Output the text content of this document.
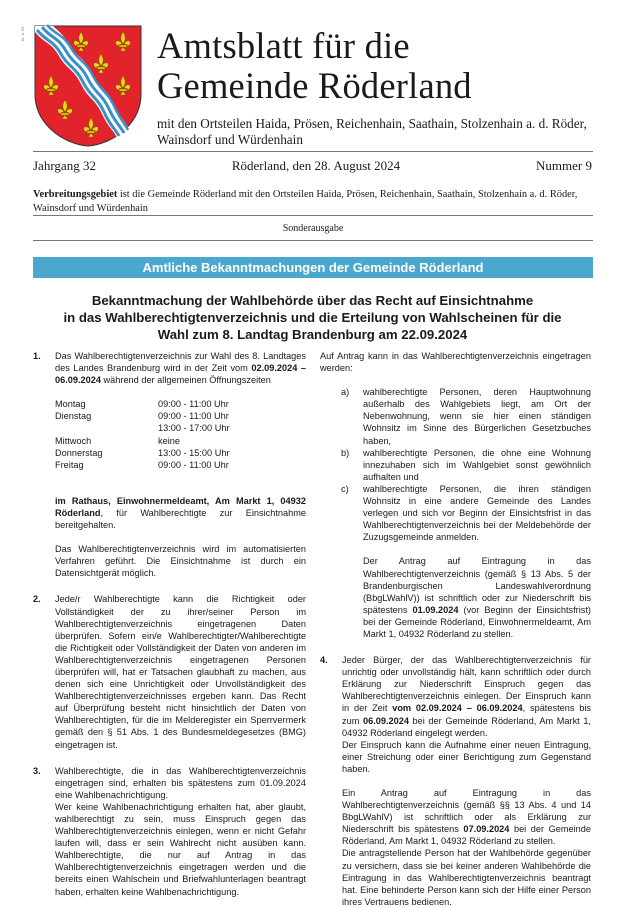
Hl. d. Rl.	Amtsblatt für die
Gemeinde Röderland
mit den Ortsteilen Haida, Prösen, Reichenhain, Saathain, Stolzenhain a. d. Röder, Wainsdorf und Würdenhain
Jahrgang 32	Röderland, den 28. August 2024	Nummer 9
Verbreitungsgebiet ist die Gemeinde Röderland mit den Ortsteilen Haida, Prösen, Reichenhain, Saathain, Stolzenhain a. d. Röder, Wainsdorf und Würdenhain
Sonderausgabe
Amtliche Bekanntmachungen der Gemeinde Röderland
Bekanntmachung der Wahlbehörde über das Recht auf Einsichtnahme
in das Wahlberechtigtenverzeichnis und die Erteilung von Wahlscheinen für die
Wahl zum 8. Landtag Brandenburg am 22.09.2024
1.	Das Wahlberechtigtenverzeichnis zur Wahl des 8. Landtages des Landes Brandenburg wird in der Zeit vom 02.09.2024 – 06.09.2024 während der allgemeinen Öffnungszeiten

Montag	09:00 - 11:00 Uhr
Dienstag	09:00 - 11:00 Uhr
13:00 - 17:00 Uhr
Mittwoch	keine
Donnerstag	13:00 - 15:00 Uhr
Freitag	09:00 - 11:00 Uhr

im Rathaus, Einwohnermeldeamt, Am Markt 1, 04932 Röderland, für Wahlberechtigte zur Einsichtnahme bereitgehalten.

Das Wahlberechtigtenverzeichnis wird im automatisierten Verfahren geführt. Die Einsichtnahme ist durch ein Datensichtgerät möglich.

2.	Jede/r Wahlberechtigte kann die Richtigkeit oder Vollständigkeit der zu ihrer/seiner Person im Wahlberechtigtenverzeichnis eingetragenen Daten überprüfen. Sofern ein/e Wahlberechtigter/Wahlberechtigte die Richtigkeit oder Vollständigkeit der Daten von anderen im Wahlberechtigtenverzeichnis eingetragenen Personen überprüfen will, hat er Tatsachen glaubhaft zu machen, aus denen sich eine Unrichtigkeit oder Unvollständigkeit des Wahlberechtigtenverzeichnisses ergeben kann. Das Recht auf Überprüfung besteht nicht hinsichtlich der Daten von Wahlberechtigten, für die im Melderegister ein Sperrvermerk gemäß den § 51 Abs. 1 des Bundesmeldegesetzes (BMG) eingetragen ist.

3.	Wahlberechtigte, die in das Wahlberechtigtenverzeichnis eingetragen sind, erhalten bis spätestens zum 01.09.2024 eine Wahlbenachrichtigung.

Wer keine Wahlbenachrichtigung erhalten hat, aber glaubt, wahlberechtigt zu sein, muss Einspruch gegen das Wahlberechtigtenverzeichnis einlegen, wenn er nicht Gefahr laufen will, dass er sein Wahlrecht nicht ausüben kann. Wahlberechtigte, die nur auf Antrag in das Wahlberechtigtenverzeichnis eingetragen werden und die bereits einen Wahlschein und Briefwahlunterlagen beantragt haben, erhalten keine Wahlbenachrichtigung.

Auf Antrag kann in das Wahlberechtigtenverzeichnis eingetragen werden:

a)	wahlberechtigte Personen, deren Hauptwohnung außerhalb des Wahlgebiets liegt, am Ort der Nebenwohnung, wenn sie hier einen ständigen Wohnsitz im Sinne des Bürgerlichen Gesetzbuches haben,
b)	wahlberechtigte Personen, die ohne eine Wohnung innezuhaben sich im Wahlgebiet sonst gewöhnlich aufhalten und
c)	wahlberechtigte Personen, die ihren ständigen Wohnsitz in eine andere Gemeinde des Landes verlegen und sich vor Beginn der Einsichtsfrist in das Wahlberechtigtenverzeichnis bei der Meldebehörde der Zuzugsgemeinde anmelden.

Der Antrag auf Eintragung in das Wahlberechtigtenverzeichnis (gemäß § 13 Abs. 5 der Brandenburgischen Landeswahlverordnung (BbgLWahlV)) ist schriftlich oder zur Niederschrift bis spätestens 01.09.2024 (vor Beginn der Einsichtsfrist) bei der Gemeinde Röderland, Einwohnermeldeamt, Am Markt 1, 04932 Röderland zu stellen.

4.	Jeder Bürger, der das Wahlberechtigtenverzeichnis für unrichtig oder unvollständig hält, kann schriftlich oder durch Erklärung zur Niederschrift Einspruch gegen das Wahlberechtigtenverzeichnis einlegen. Der Einspruch kann in der Zeit vom 02.09.2024 – 06.09.2024, spätestens bis zum 06.09.2024 bei der Gemeinde Röderland, Am Markt 1, 04932 Röderland eingelegt werden.

Der Einspruch kann die Aufnahme einer neuen Eintragung, einer Streichung oder einer Berichtigung zum Gegenstand haben.

Ein Antrag auf Eintragung in das Wahlberechtigtenverzeichnis (gemäß §§ 13 Abs. 4 und 14 BbgLWahlV) ist schriftlich oder als Erklärung zur Niederschrift bis spätestens 07.09.2024 bei der Gemeinde Röderland, Am Markt 1, 04932 Röderland zu stellen.

Die antragstellende Person hat der Wahlbehörde gegenüber zu versichern, dass sie bei keiner anderen Wahlbehörde die Eintragung in das Wahlberechtigtenverzeichnis beantragt hat. Eine behinderte Person kann sich der Hilfe einer Person ihres Vertrauens bedienen.
